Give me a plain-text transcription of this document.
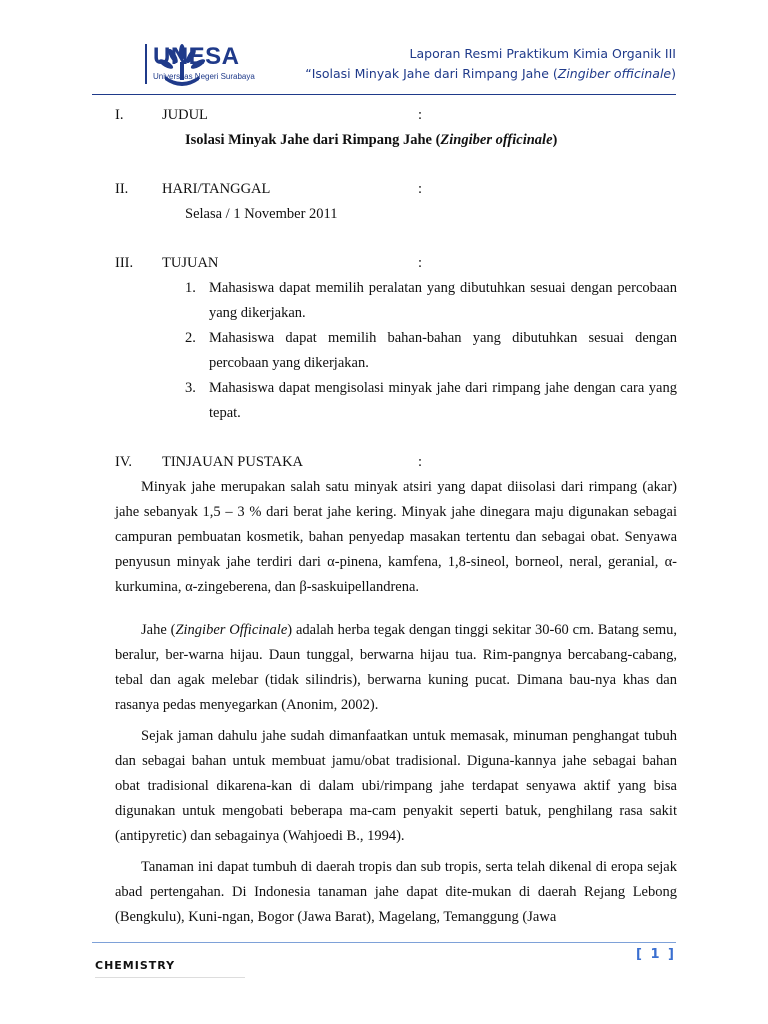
UNESA
Universitas Negeri Surabaya
Laporan Resmi Praktikum Kimia Organik III
“Isolasi Minyak Jahe dari Rimpang Jahe (Zingiber officinale)
I.	JUDUL	:
Isolasi Minyak Jahe dari Rimpang Jahe (Zingiber officinale)
II. HARI/TANGGAL	:
Selasa / 1 November 2011
III. TUJUAN	:
1. Mahasiswa dapat memilih peralatan yang dibutuhkan sesuai dengan percobaan yang dikerjakan.
2. Mahasiswa dapat memilih bahan-bahan yang dibutuhkan sesuai dengan percobaan yang dikerjakan.
3. Mahasiswa dapat mengisolasi minyak jahe dari rimpang jahe dengan cara yang tepat.
IV. TINJAUAN PUSTAKA	:

Minyak jahe merupakan salah satu minyak atsiri yang dapat diisolasi dari rimpang (akar) jahe sebanyak 1,5 – 3 % dari berat jahe kering. Minyak jahe dinegara maju digunakan sebagai campuran pembuatan kosmetik, bahan penyedap masakan tertentu dan sebagai obat. Senyawa penyusun minyak jahe terdiri dari α-pinena, kamfena, 1,8-sineol, borneol, neral, geranial, α-kurkumina, α-zingeberena, dan β-saskuipellandrena.

Jahe (Zingiber Officinale) adalah herba tegak dengan tinggi sekitar 30-60 cm. Batang semu, beralur, ber-warna hijau. Daun tunggal, berwarna hijau tua. Rim-pangnya bercabang-cabang, tebal dan agak melebar (tidak silindris), berwarna kuning pucat. Dimana bau-nya khas dan rasanya pedas menyegarkan (Anonim, 2002).

Sejak jaman dahulu jahe sudah dimanfaatkan untuk memasak, minuman penghangat tubuh dan sebagai bahan untuk membuat jamu/obat tradisional. Diguna-kannya jahe sebagai bahan obat tradisional dikarena-kan di dalam ubi/rimpang jahe terdapat senyawa aktif yang bisa digunakan untuk mengobati beberapa ma-cam penyakit seperti batuk, penghilang rasa sakit (antipyretic) dan sebagainya (Wahjoedi B., 1994).

Tanaman ini dapat tumbuh di daerah tropis dan sub tropis, serta telah dikenal di eropa sejak abad pertengahan. Di Indonesia tanaman jahe dapat dite-mukan di daerah Rejang Lebong (Bengkulu), Kuni-ngan, Bogor (Jawa Barat), Magelang, Temanggung (Jawa

CHEMISTRY
[ 1 ]
